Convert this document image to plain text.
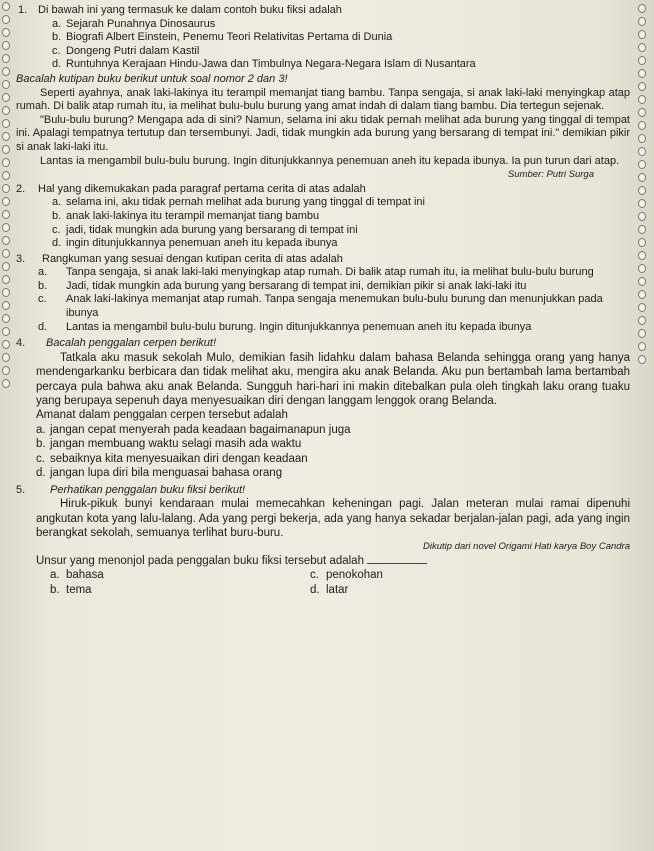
1. Di bawah ini yang termasuk ke dalam contoh buku fiksi adalah

a. Sejarah Punahnya Dinosaurus
b. Biografi Albert Einstein, Penemu Teori Relativitas Pertama di Dunia
c. Dongeng Putri dalam Kastil
d. Runtuhnya Kerajaan Hindu-Jawa dan Timbulnya Negara-Negara Islam di Nusantara

Bacalah kutipan buku berikut untuk soal nomor 2 dan 3!

Seperti ayahnya, anak laki-lakinya itu terampil memanjat tiang bambu. Tanpa sengaja, si anak laki-laki menyingkap atap rumah. Di balik atap rumah itu, ia melihat bulu-bulu burung yang amat indah di dalam tiang bambu. Dia tertegun sejenak.

"Bulu-bulu burung? Mengapa ada di sini? Namun, selama ini aku tidak pernah melihat ada burung yang tinggal di tempat ini. Apalagi tempatnya tertutup dan tersembunyi. Jadi, tidak mungkin ada burung yang bersarang di tempat ini." demikian pikir si anak laki-laki itu.

Lantas ia mengambil bulu-bulu burung. Ingin ditunjukkannya penemuan aneh itu kepada ibunya. Ia pun turun dari atap.

Sumber: Putri Surga

2.	Hal yang dikemukakan pada paragraf pertama cerita di atas adalah

a. selama ini, aku tidak pernah melihat ada burung yang tinggal di tempat ini
b. anak laki-lakinya itu terampil memanjat tiang bambu
c. jadi, tidak mungkin ada burung yang bersarang di tempat ini
d. ingin ditunjukkannya penemuan aneh itu kepada ibunya
3.	Rangkuman yang sesuai dengan kutipan cerita di atas adalah

a. Tanpa sengaja, si anak laki-laki menyingkap atap rumah. Di balik atap rumah itu, ia melihat bulu-bulu burung
b. Jadi, tidak mungkin ada burung yang bersarang di tempat ini, demikian pikir si anak laki-laki itu
c. Anak laki-lakinya memanjat atap rumah. Tanpa sengaja menemukan bulu-bulu burung dan menunjukkan pada ibunya
d. Lantas ia mengambil bulu-bulu burung. Ingin ditunjukkannya penemuan aneh itu kepada ibunya
4.	Bacalah penggalan cerpen berikut!

Tatkala aku masuk sekolah Mulo, demikian fasih lidahku dalam bahasa Belanda sehingga orang yang hanya mendengarkanku berbicara dan tidak melihat aku, mengira aku anak Belanda. Aku pun bertambah lama bertambah percaya pula bahwa aku anak Belanda. Sungguh hari-hari ini makin ditebalkan pula oleh tingkah laku orang tuaku yang berupaya sepenuh daya menyesuaikan diri dengan langgam lenggok orang Belanda.

Amanat dalam penggalan cerpen tersebut adalah

a. jangan cepat menyerah pada keadaan bagaimanapun juga
b. jangan membuang waktu selagi masih ada waktu
c. sebaiknya kita menyesuaikan diri dengan keadaan
d. jangan lupa diri bila menguasai bahasa orang
5.	Perhatikan penggalan buku fiksi berikut!

Hiruk-pikuk bunyi kendaraan mulai memecahkan keheningan pagi. Jalan meteran mulai ramai dipenuhi angkutan kota yang lalu-lalang. Ada yang pergi bekerja, ada yang hanya sekadar berjalan-jalan pagi, ada yang ingin berangkat sekolah, semuanya terlihat buru-buru.

Dikutip dari novel Origami Hati karya Boy Candra

Unsur yang menonjol pada penggalan buku fiksi tersebut adalah

a. bahasa	c. penokohan
b. tema	d. latar
